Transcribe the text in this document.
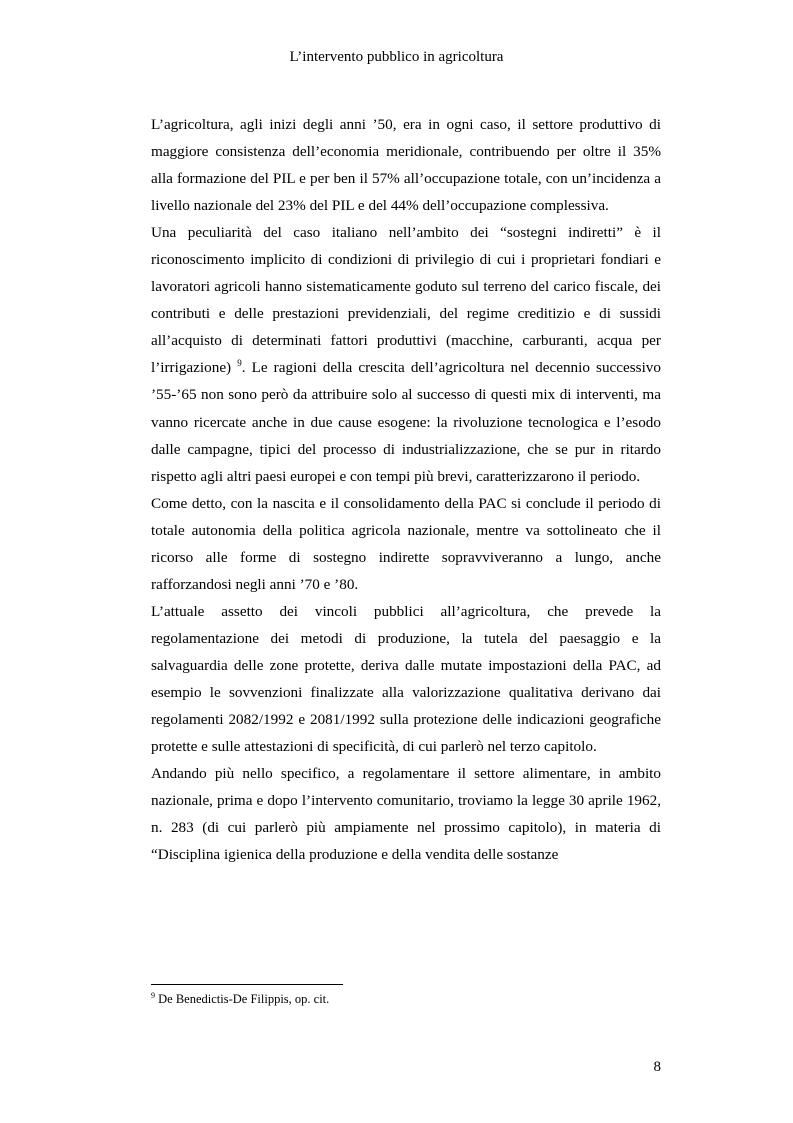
L’intervento pubblico in agricoltura

L’agricoltura, agli inizi degli anni ’50, era in ogni caso, il settore produttivo di maggiore consistenza dell’economia meridionale, contribuendo per oltre il 35% alla formazione del PIL e per ben il 57% all’occupazione totale, con un’incidenza a livello nazionale del 23% del PIL e del 44% dell’occupazione complessiva.

Una peculiarità del caso italiano nell’ambito dei “sostegni indiretti” è il riconoscimento implicito di condizioni di privilegio di cui i proprietari fondiari e lavoratori agricoli hanno sistematicamente goduto sul terreno del carico fiscale, dei contributi e delle prestazioni previdenziali, del regime creditizio e di sussidi all’acquisto di determinati fattori produttivi (macchine, carburanti, acqua per l’irrigazione) $^9$. Le ragioni della crescita dell’agricoltura nel decennio successivo ’55-’65 non sono però da attribuire solo al successo di questi mix di interventi, ma vanno ricercate anche in due cause esogene: la rivoluzione tecnologica e l’esodo dalle campagne, tipici del processo di industrializzazione, che se pur in ritardo rispetto agli altri paesi europei e con tempi più brevi, caratterizzarono il periodo.

Come detto, con la nascita e il consolidamento della PAC si conclude il periodo di totale autonomia della politica agricola nazionale, mentre va sottolineato che il ricorso alle forme di sostegno indirette sopravviveranno a lungo, anche rafforzandosi negli anni ’70 e ’80.

L’attuale assetto dei vincoli pubblici all’agricoltura, che prevede la regolamentazione dei metodi di produzione, la tutela del paesaggio e la salvaguardia delle zone protette, deriva dalle mutate impostazioni della PAC, ad esempio le sovvenzioni finalizzate alla valorizzazione qualitativa derivano dai regolamenti 2082/1992 e 2081/1992 sulla protezione delle indicazioni geografiche protette e sulle attestazioni di specificità, di cui parlerò nel terzo capitolo.

Andando più nello specifico, a regolamentare il settore alimentare, in ambito nazionale, prima e dopo l’intervento comunitario, troviamo la legge 30 aprile 1962, n. 283 (di cui parlerò più ampiamente nel prossimo capitolo), in materia di “Disciplina igienica della produzione e della vendita delle sostanze

$^9$ De Benedictis-De Filippis, op. cit.
8
